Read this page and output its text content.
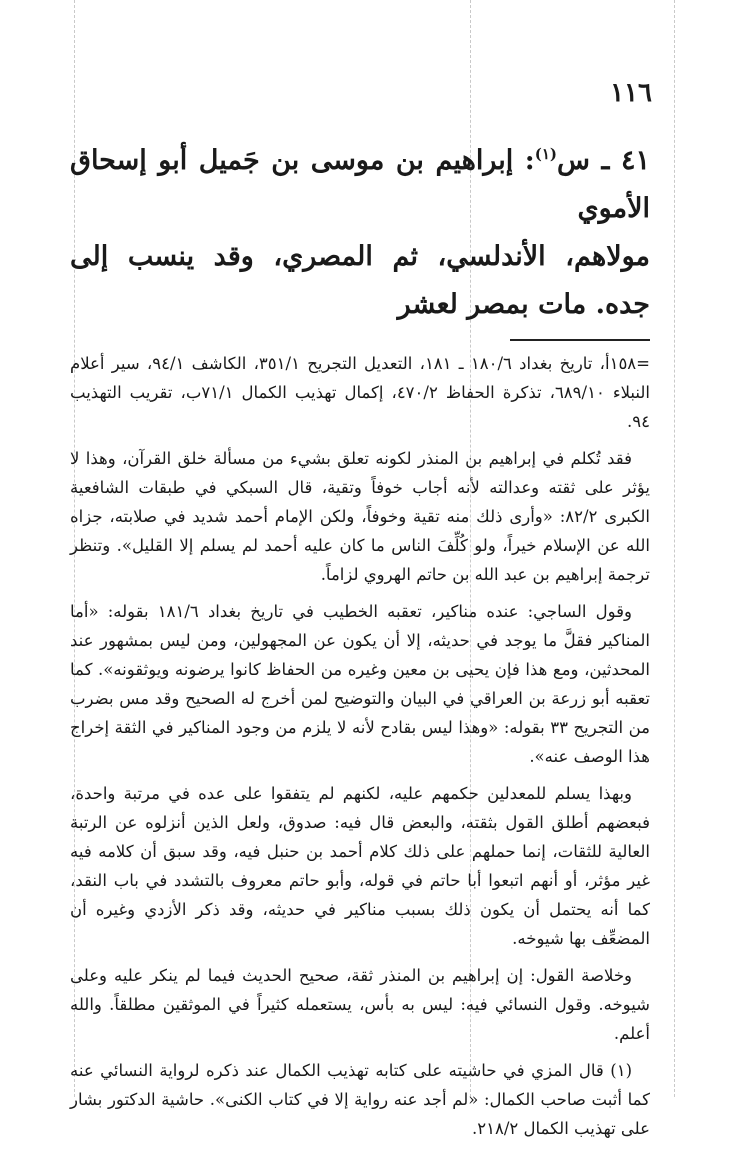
١١٦
٤١ ـ س$^{(١)}$: إبراهيم بن موسى بن جَميل أبو إسحاق الأموي
مولاهم، الأندلسي، ثم المصري، وقد ينسب إلى جده. مات بمصر لعشر

=١٥٨أ، تاريخ بغداد ١٨٠/٦ ـ ١٨١، التعديل التجريح ٣٥١/١، الكاشف ٩٤/١، سير أعلام النبلاء ٦٨٩/١٠، تذكرة الحفاظ ٤٧٠/٢، إكمال تهذيب الكمال ٧١/١ب، تقريب التهذيب ٩٤.

فقد تُكلم في إبراهيم بن المنذر لكونه تعلق بشيء من مسألة خلق القرآن، وهذا لا يؤثر على ثقته وعدالته لأنه أجاب خوفاً وتقية، قال السبكي في طبقات الشافعية الكبرى ٨٢/٢: «وأرى ذلك منه تقية وخوفاً، ولكن الإمام أحمد شديد في صلابته، جزاه الله عن الإسلام خيراً، ولو كُلِّفَ الناس ما كان عليه أحمد لم يسلم إلا القليل». وتنظر ترجمة إبراهيم بن عبد الله بن حاتم الهروي لزاماً.

وقول الساجي: عنده مناكير، تعقبه الخطيب في تاريخ بغداد ١٨١/٦ بقوله: «أما المناكير فقلَّ ما يوجد في حديثه، إلا أن يكون عن المجهولين، ومن ليس بمشهور عند المحدثين، ومع هذا فإن يحيى بن معين وغيره من الحفاظ كانوا يرضونه ويوثقونه». كما تعقبه أبو زرعة بن العراقي في البيان والتوضيح لمن أخرج له الصحيح وقد مس بضرب من التجريح ٣٣ بقوله: «وهذا ليس بقادح لأنه لا يلزم من وجود المناكير في الثقة إخراج هذا الوصف عنه».

وبهذا يسلم للمعدلين حكمهم عليه، لكنهم لم يتفقوا على عده في مرتبة واحدة، فبعضهم أطلق القول بثقته، والبعض قال فيه: صدوق، ولعل الذين أنزلوه عن الرتبة العالية للثقات، إنما حملهم على ذلك كلام أحمد بن حنبل فيه، وقد سبق أن كلامه فيه غير مؤثر، أو أنهم اتبعوا أبا حاتم في قوله، وأبو حاتم معروف بالتشدد في باب النقد، كما أنه يحتمل أن يكون ذلك بسبب مناكير في حديثه، وقد ذكر الأزدي وغيره أن المضعِّف بها شيوخه.

وخلاصة القول: إن إبراهيم بن المنذر ثقة، صحيح الحديث فيما لم ينكر عليه وعلى شيوخه. وقول النسائي فيه: ليس به بأس، يستعمله كثيراً في الموثقين مطلقاً. والله أعلم.

(١) قال المزي في حاشيته على كتابه تهذيب الكمال عند ذكره لرواية النسائي عنه كما أثبت صاحب الكمال: «لم أجد عنه رواية إلا في كتاب الكنى». حاشية الدكتور بشار على تهذيب الكمال ٢١٨/٢.
